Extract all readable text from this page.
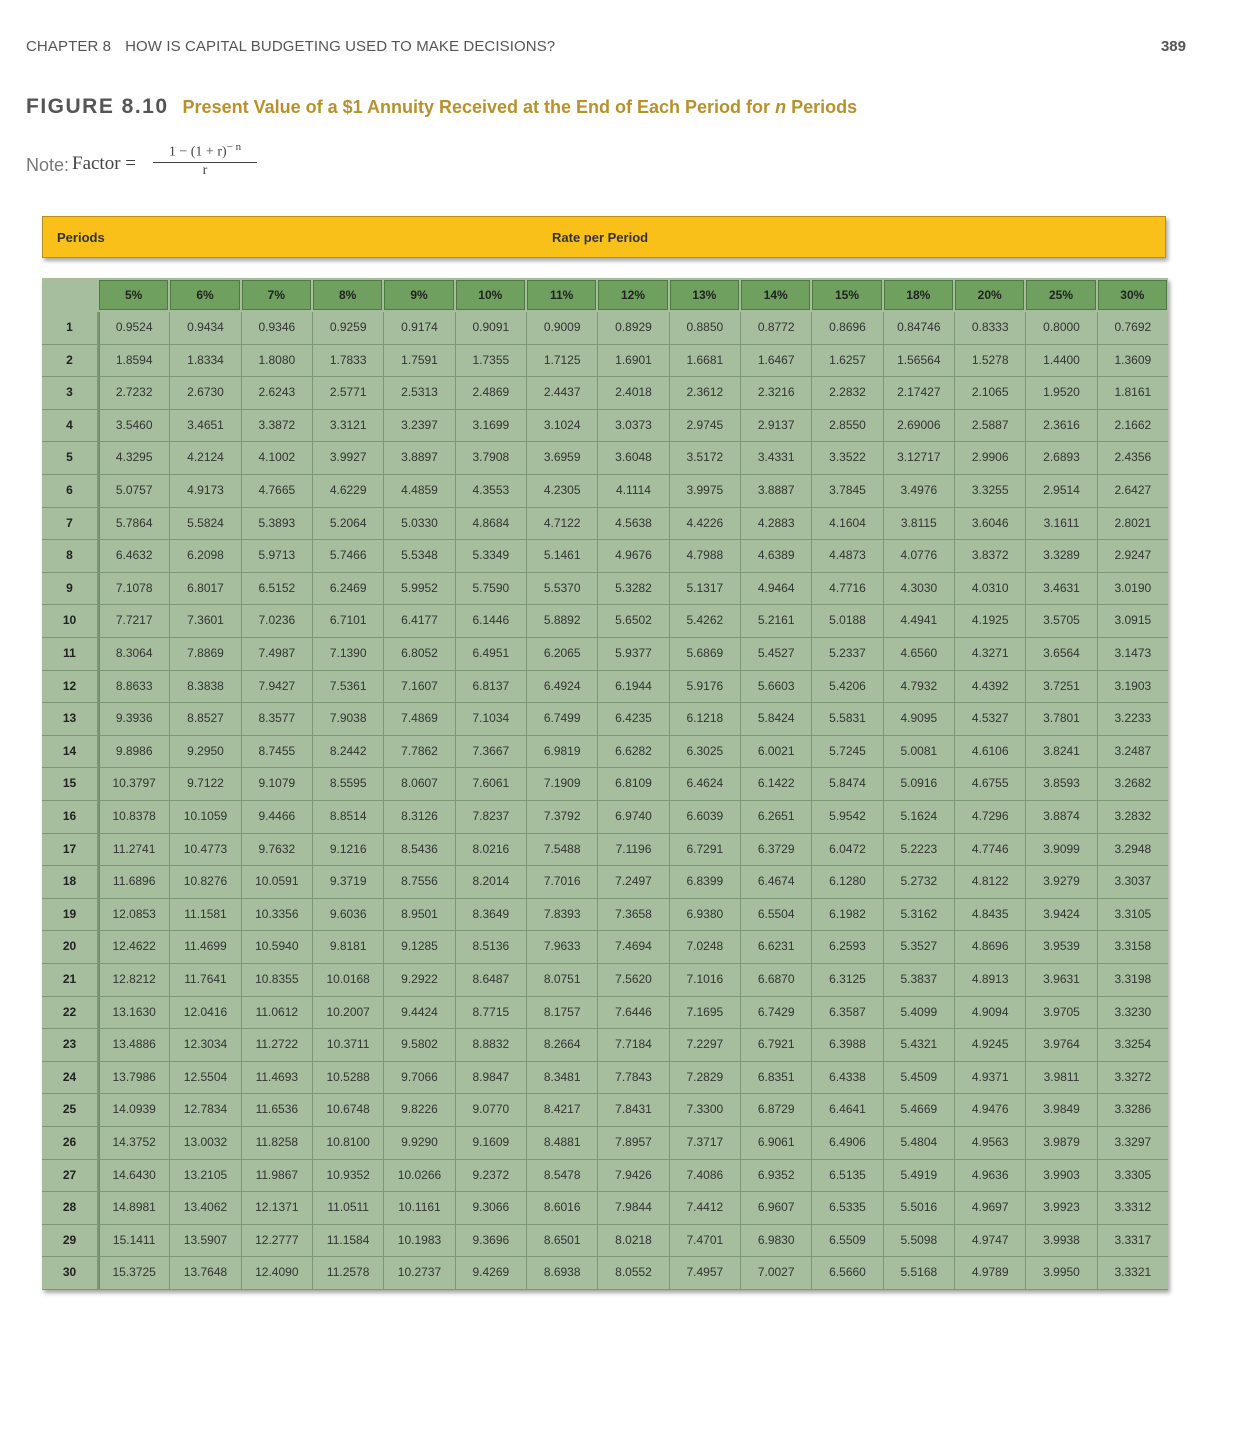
CHAPTER 8 HOW IS CAPITAL BUDGETING USED TO MAKE DECISIONS?	389
FIGURE 8.10 Present Value of a $1 Annuity Received at the End of Each Period for n Periods
Note: Factor = $\frac{1 - (1 + r)^{- n}}{r}$
Periods	Rate per Period
5%	6%	7%	8%	9%	10%	11%	12%	13%	14%	15%	18%	20%	25%	30%
1	0.9524	0.9434	0.9346	0.9259	0.9174	0.9091	0.9009	0.8929	0.8850	0.8772	0.8696	0.84746	0.8333	0.8000	0.7692
2	1.8594	1.8334	1.8080	1.7833	1.7591	1.7355	1.7125	1.6901	1.6681	1.6467	1.6257	1.56564	1.5278	1.4400	1.3609
3	2.7232	2.6730	2.6243	2.5771	2.5313	2.4869	2.4437	2.4018	2.3612	2.3216	2.2832	2.17427	2.1065	1.9520	1.8161
4	3.5460	3.4651	3.3872	3.3121	3.2397	3.1699	3.1024	3.0373	2.9745	2.9137	2.8550	2.69006	2.5887	2.3616	2.1662
5	4.3295	4.2124	4.1002	3.9927	3.8897	3.7908	3.6959	3.6048	3.5172	3.4331	3.3522	3.12717	2.9906	2.6893	2.4356
6	5.0757	4.9173	4.7665	4.6229	4.4859	4.3553	4.2305	4.1114	3.9975	3.8887	3.7845	3.4976	3.3255	2.9514	2.6427
7	5.7864	5.5824	5.3893	5.2064	5.0330	4.8684	4.7122	4.5638	4.4226	4.2883	4.1604	3.8115	3.6046	3.1611	2.8021
8	6.4632	6.2098	5.9713	5.7466	5.5348	5.3349	5.1461	4.9676	4.7988	4.6389	4.4873	4.0776	3.8372	3.3289	2.9247
9	7.1078	6.8017	6.5152	6.2469	5.9952	5.7590	5.5370	5.3282	5.1317	4.9464	4.7716	4.3030	4.0310	3.4631	3.0190
10	7.7217	7.3601	7.0236	6.7101	6.4177	6.1446	5.8892	5.6502	5.4262	5.2161	5.0188	4.4941	4.1925	3.5705	3.0915
11	8.3064	7.8869	7.4987	7.1390	6.8052	6.4951	6.2065	5.9377	5.6869	5.4527	5.2337	4.6560	4.3271	3.6564	3.1473
12	8.8633	8.3838	7.9427	7.5361	7.1607	6.8137	6.4924	6.1944	5.9176	5.6603	5.4206	4.7932	4.4392	3.7251	3.1903
13	9.3936	8.8527	8.3577	7.9038	7.4869	7.1034	6.7499	6.4235	6.1218	5.8424	5.5831	4.9095	4.5327	3.7801	3.2233
14	9.8986	9.2950	8.7455	8.2442	7.7862	7.3667	6.9819	6.6282	6.3025	6.0021	5.7245	5.0081	4.6106	3.8241	3.2487
15	10.3797	9.7122	9.1079	8.5595	8.0607	7.6061	7.1909	6.8109	6.4624	6.1422	5.8474	5.0916	4.6755	3.8593	3.2682
16	10.8378	10.1059	9.4466	8.8514	8.3126	7.8237	7.3792	6.9740	6.6039	6.2651	5.9542	5.1624	4.7296	3.8874	3.2832
17	11.2741	10.4773	9.7632	9.1216	8.5436	8.0216	7.5488	7.1196	6.7291	6.3729	6.0472	5.2223	4.7746	3.9099	3.2948
18	11.6896	10.8276	10.0591	9.3719	8.7556	8.2014	7.7016	7.2497	6.8399	6.4674	6.1280	5.2732	4.8122	3.9279	3.3037
19	12.0853	11.1581	10.3356	9.6036	8.9501	8.3649	7.8393	7.3658	6.9380	6.5504	6.1982	5.3162	4.8435	3.9424	3.3105
20	12.4622	11.4699	10.5940	9.8181	9.1285	8.5136	7.9633	7.4694	7.0248	6.6231	6.2593	5.3527	4.8696	3.9539	3.3158
21	12.8212	11.7641	10.8355	10.0168	9.2922	8.6487	8.0751	7.5620	7.1016	6.6870	6.3125	5.3837	4.8913	3.9631	3.3198
22	13.1630	12.0416	11.0612	10.2007	9.4424	8.7715	8.1757	7.6446	7.1695	6.7429	6.3587	5.4099	4.9094	3.9705	3.3230
23	13.4886	12.3034	11.2722	10.3711	9.5802	8.8832	8.2664	7.7184	7.2297	6.7921	6.3988	5.4321	4.9245	3.9764	3.3254
24	13.7986	12.5504	11.4693	10.5288	9.7066	8.9847	8.3481	7.7843	7.2829	6.8351	6.4338	5.4509	4.9371	3.9811	3.3272
25	14.0939	12.7834	11.6536	10.6748	9.8226	9.0770	8.4217	7.8431	7.3300	6.8729	6.4641	5.4669	4.9476	3.9849	3.3286
26	14.3752	13.0032	11.8258	10.8100	9.9290	9.1609	8.4881	7.8957	7.3717	6.9061	6.4906	5.4804	4.9563	3.9879	3.3297
27	14.6430	13.2105	11.9867	10.9352	10.0266	9.2372	8.5478	7.9426	7.4086	6.9352	6.5135	5.4919	4.9636	3.9903	3.3305
28	14.8981	13.4062	12.1371	11.0511	10.1161	9.3066	8.6016	7.9844	7.4412	6.9607	6.5335	5.5016	4.9697	3.9923	3.3312
29	15.1411	13.5907	12.2777	11.1584	10.1983	9.3696	8.6501	8.0218	7.4701	6.9830	6.5509	5.5098	4.9747	3.9938	3.3317
30	15.3725	13.7648	12.4090	11.2578	10.2737	9.4269	8.6938	8.0552	7.4957	7.0027	6.5660	5.5168	4.9789	3.9950	3.3321
